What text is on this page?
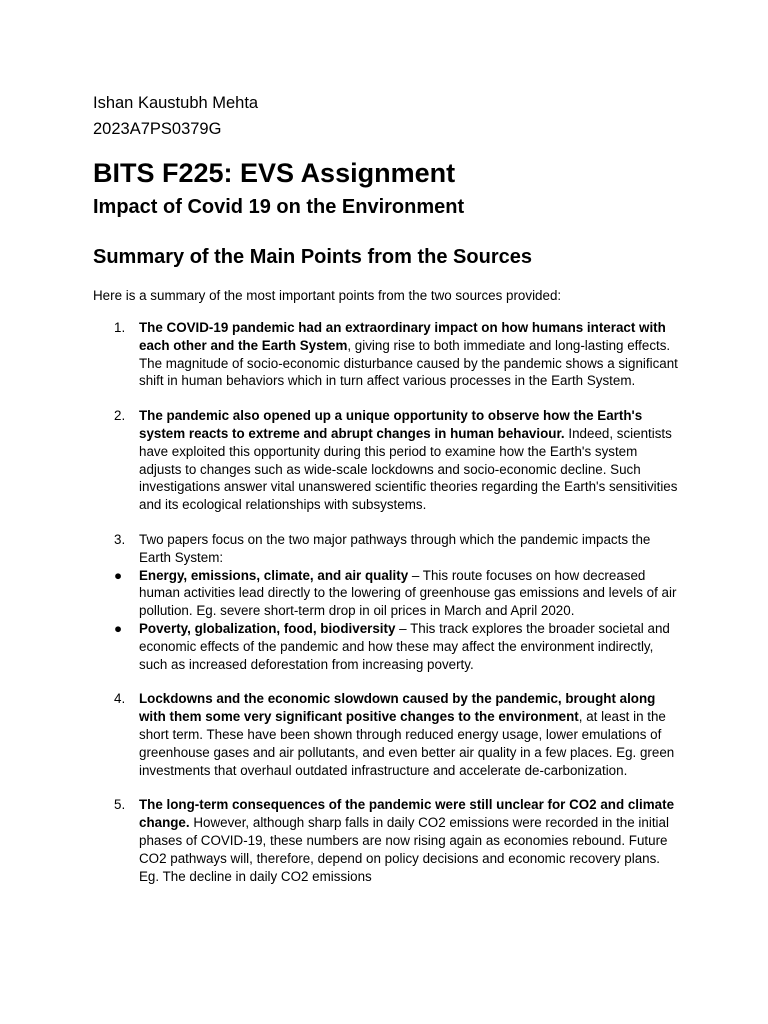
Ishan Kaustubh Mehta
2023A7PS0379G
BITS F225: EVS Assignment
Impact of Covid 19 on the Environment
Summary of the Main Points from the Sources
Here is a summary of the most important points from the two sources provided:
1. The COVID-19 pandemic had an extraordinary impact on how humans interact with each other and the Earth System, giving rise to both immediate and long-lasting effects. The magnitude of socio-economic disturbance caused by the pandemic shows a significant shift in human behaviors which in turn affect various processes in the Earth System.
2. The pandemic also opened up a unique opportunity to observe how the Earth's system reacts to extreme and abrupt changes in human behaviour. Indeed, scientists have exploited this opportunity during this period to examine how the Earth's system adjusts to changes such as wide-scale lockdowns and socio-economic decline. Such investigations answer vital unanswered scientific theories regarding the Earth's sensitivities and its ecological relationships with subsystems.
3. Two papers focus on the two major pathways through which the pandemic impacts the Earth System:
● Energy, emissions, climate, and air quality – This route focuses on how decreased human activities lead directly to the lowering of greenhouse gas emissions and levels of air pollution. Eg. severe short-term drop in oil prices in March and April 2020.
● Poverty, globalization, food, biodiversity – This track explores the broader societal and economic effects of the pandemic and how these may affect the environment indirectly, such as increased deforestation from increasing poverty.
4. Lockdowns and the economic slowdown caused by the pandemic, brought along with them some very significant positive changes to the environment, at least in the short term. These have been shown through reduced energy usage, lower emulations of greenhouse gases and air pollutants, and even better air quality in a few places. Eg. green investments that overhaul outdated infrastructure and accelerate de-carbonization.
5. The long-term consequences of the pandemic were still unclear for CO2 and climate change. However, although sharp falls in daily CO2 emissions were recorded in the initial phases of COVID-19, these numbers are now rising again as economies rebound. Future CO2 pathways will, therefore, depend on policy decisions and economic recovery plans. Eg. The decline in daily CO2 emissions
